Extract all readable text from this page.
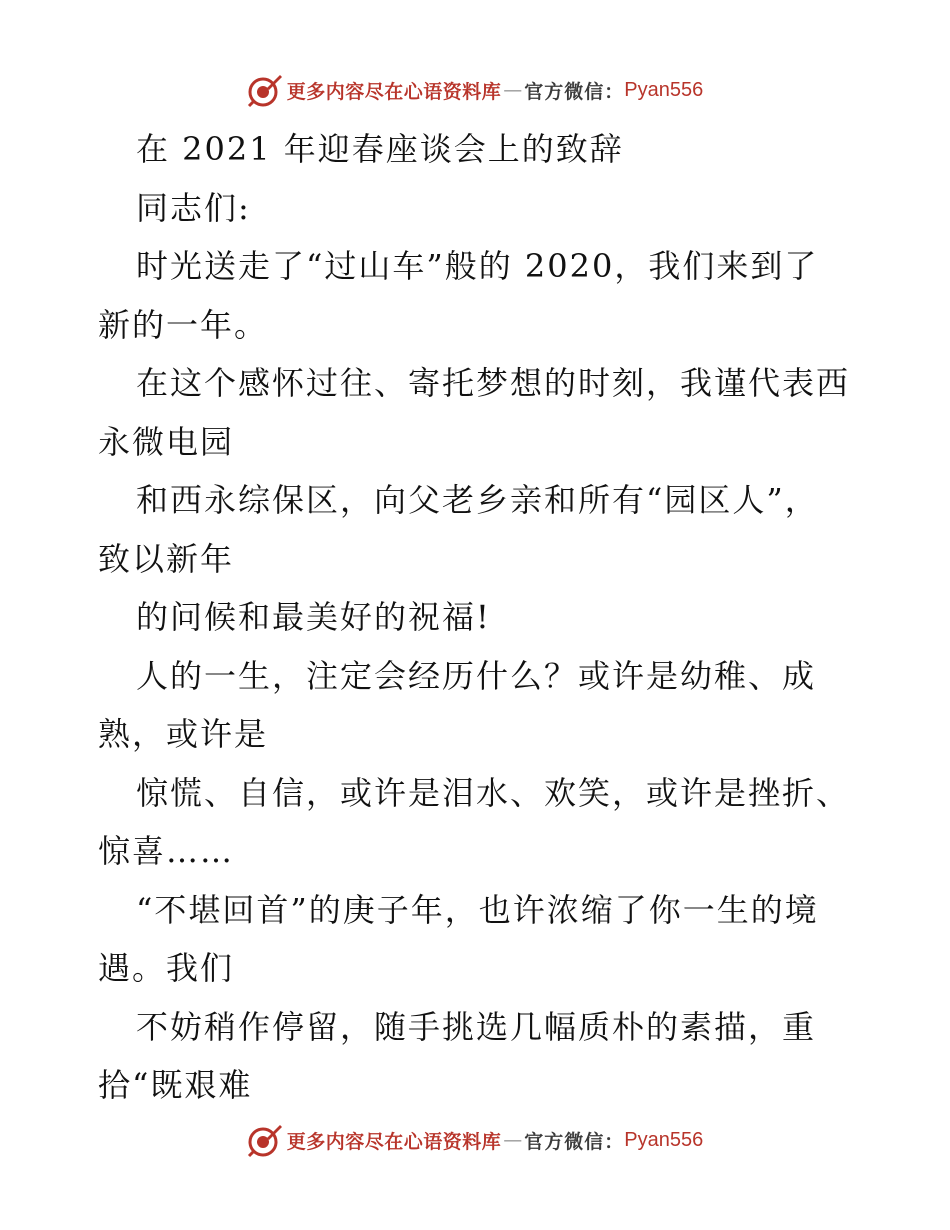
更多内容尽在心语资料库 — 官方微信： Pyan556
在 2021 年迎春座谈会上的致辞
同志们:
时光送走了“过山车”般的 2020，我们来到了
新的一年。
在这个感怀过往、寄托梦想的时刻，我谨代表西
永微电园
和西永综保区，向父老乡亲和所有“园区人”，
致以新年
的问候和最美好的祝福!
人的一生，注定会经历什么？或许是幼稚、成
熟，或许是
惊慌、自信，或许是泪水、欢笑，或许是挫折、
惊喜……
“不堪回首”的庚子年，也许浓缩了你一生的境
遇。我们
不妨稍作停留，随手挑选几幅质朴的素描，重
拾“既艰难
更多内容尽在心语资料库 — 官方微信： Pyan556
